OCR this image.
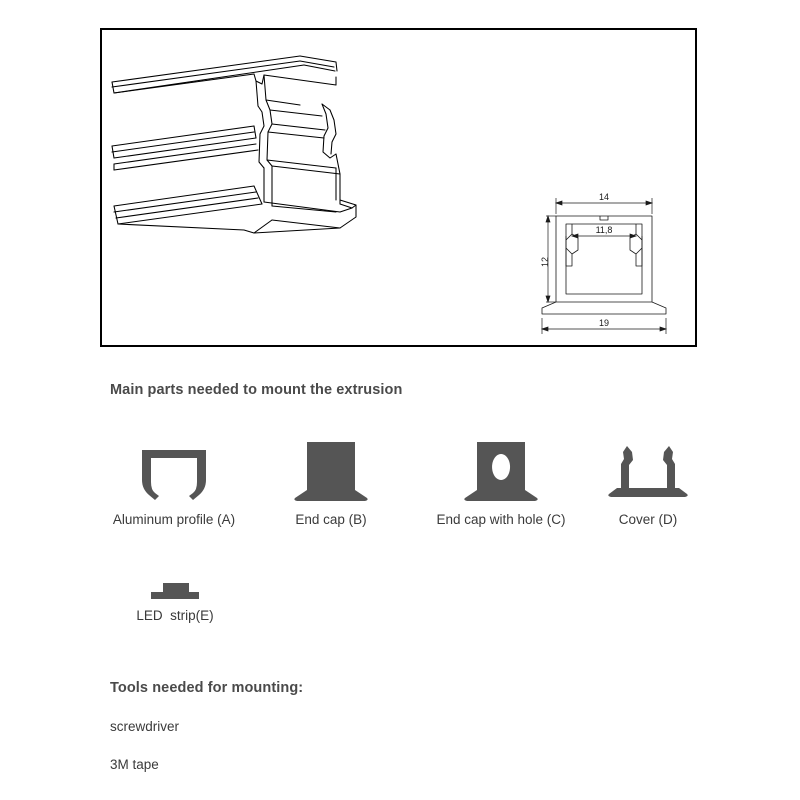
14
11,8
12
19
Main parts needed to mount the extrusion
Aluminum profile (A)	End cap (B)	End cap with hole (C)	Cover (D)
LED  strip(E)
Tools needed for mounting:
screwdriver
3M tape
